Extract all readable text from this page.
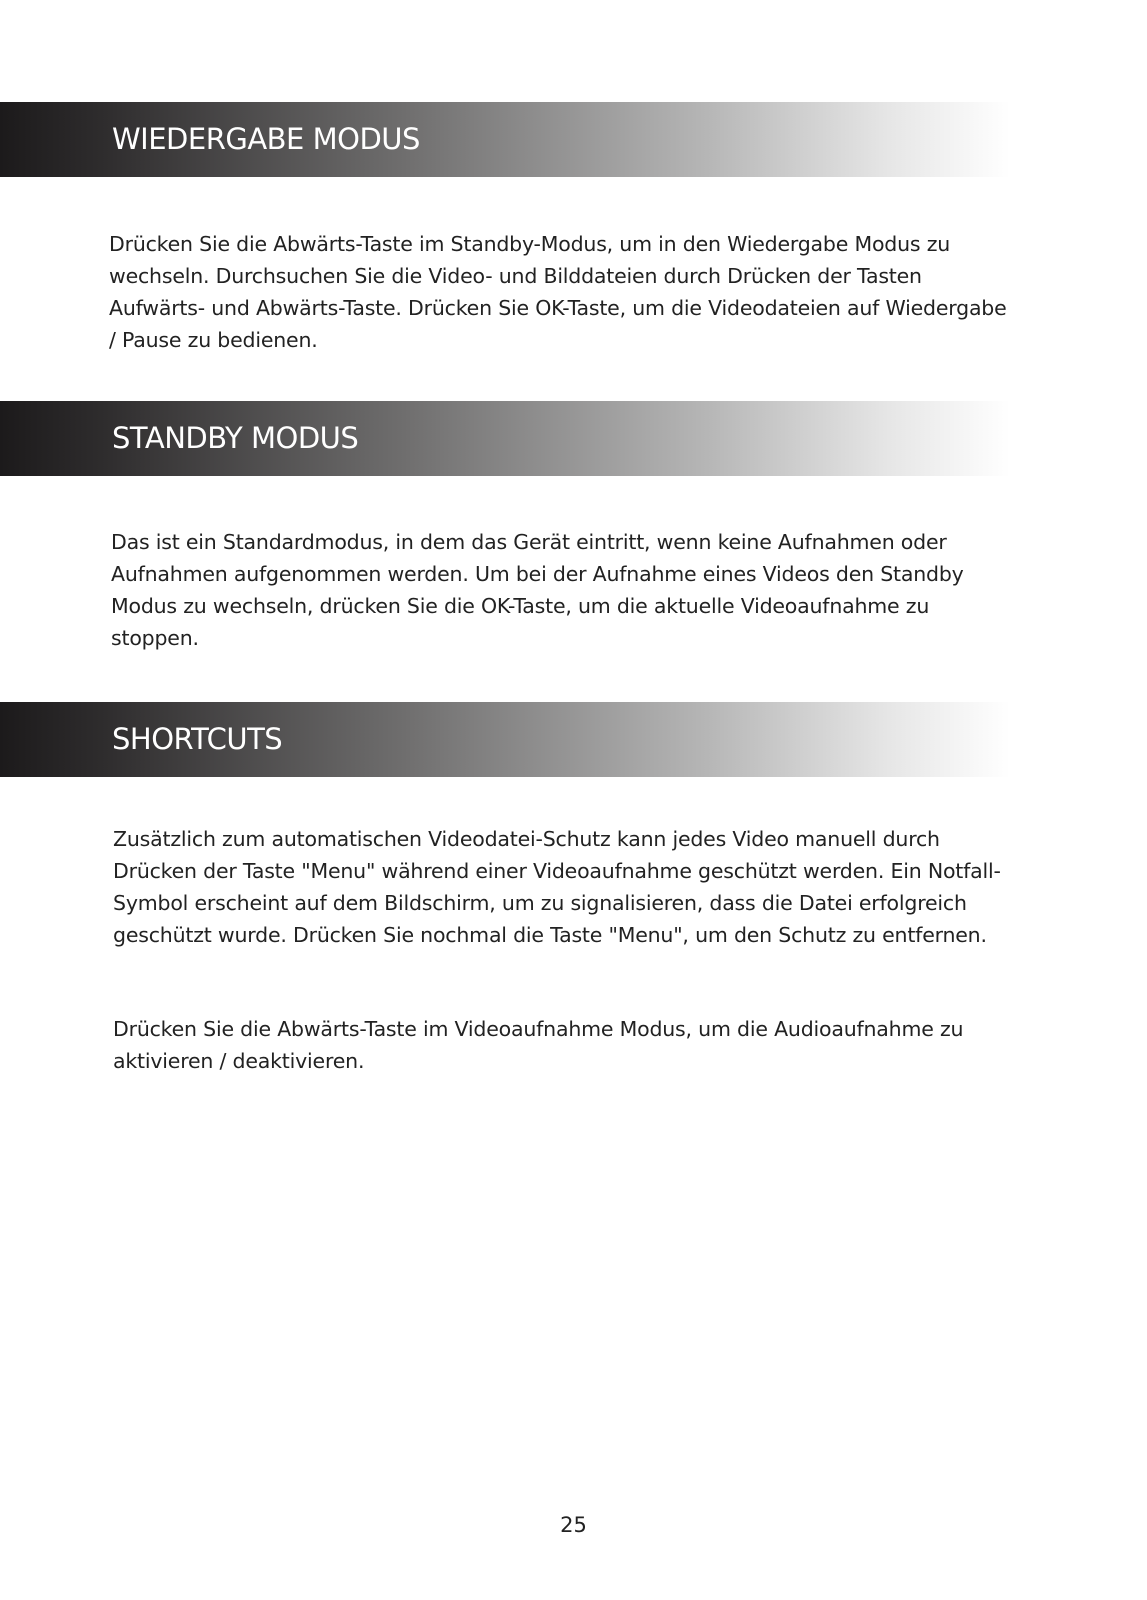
WIEDERGABE MODUS

Drücken Sie die Abwärts-Taste im Standby-Modus, um in den Wiedergabe Modus zu wechseln. Durchsuchen Sie die Video- und Bilddateien durch Drücken der Tasten Aufwärts- und Abwärts-Taste. Drücken Sie OK-Taste, um die Videodateien auf Wiedergabe / Pause zu bedienen.

STANDBY MODUS

Das ist ein Standardmodus, in dem das Gerät eintritt, wenn keine Aufnahmen oder Aufnahmen aufgenommen werden. Um bei der Aufnahme eines Videos den Standby Modus zu wechseln, drücken Sie die OK-Taste, um die aktuelle Videoaufnahme zu stoppen.

SHORTCUTS

Zusätzlich zum automatischen Videodatei-Schutz kann jedes Video manuell durch Drücken der Taste "Menu" während einer Videoaufnahme geschützt werden. Ein Notfall-Symbol erscheint auf dem Bildschirm, um zu signalisieren, dass die Datei erfolgreich geschützt wurde. Drücken Sie nochmal die Taste "Menu", um den Schutz zu entfernen.

Drücken Sie die Abwärts-Taste im Videoaufnahme Modus, um die Audioaufnahme zu aktivieren / deaktivieren.

25
